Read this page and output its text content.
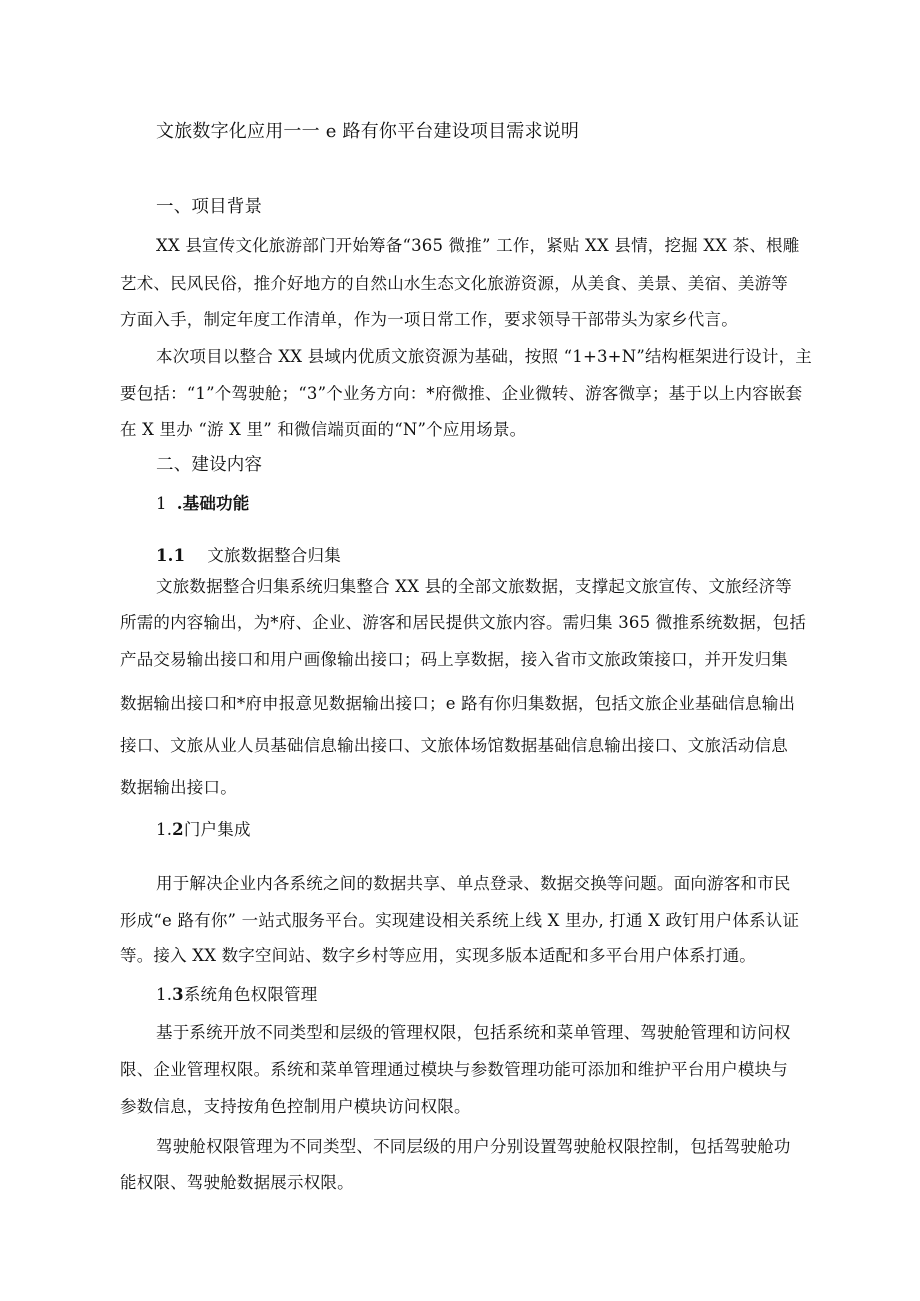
文旅数字化应用一一 e 路有你平台建设项目需求说明
一、项目背景
XX 县宣传文化旅游部门开始筹备“365 微推” 工作，紧贴 XX 县情，挖掘 XX 茶、根雕
艺术、民风民俗，推介好地方的自然山水生态文化旅游资源，从美食、美景、美宿、美游等
方面入手，制定年度工作清单，作为一项日常工作，要求领导干部带头为家乡代言。
本次项目以整合 XX 县域内优质文旅资源为基础，按照 “1+3+N”结构框架进行设计，主
要包括：“1”个驾驶舱；“3”个业务方向：*府微推、企业微转、游客微享；基于以上内容嵌套
在 X 里办 “游 X 里” 和微信端页面的“N”个应用场景。
二、建设内容
1 .基础功能
1.1 文旅数据整合归集
文旅数据整合归集系统归集整合 XX 县的全部文旅数据，支撑起文旅宣传、文旅经济等
所需的内容输出，为*府、企业、游客和居民提供文旅内容。需归集 365 微推系统数据，包括
产品交易输出接口和用户画像输出接口；码上享数据，接入省市文旅政策接口，并开发归集
数据输出接口和*府申报意见数据输出接口；e 路有你归集数据，包括文旅企业基础信息输出
接口、文旅从业人员基础信息输出接口、文旅体场馆数据基础信息输出接口、文旅活动信息
数据输出接口。
1.2门户集成
用于解决企业内各系统之间的数据共享、单点登录、数据交换等问题。面向游客和市民
形成“e 路有你” 一站式服务平台。实现建设相关系统上线 X 里办, 打通 X 政钉用户体系认证
等。接入 XX 数字空间站、数字乡村等应用，实现多版本适配和多平台用户体系打通。
1.3系统角色权限管理
基于系统开放不同类型和层级的管理权限，包括系统和菜单管理、驾驶舱管理和访问权
限、企业管理权限。系统和菜单管理通过模块与参数管理功能可添加和维护平台用户模块与
参数信息，支持按角色控制用户模块访问权限。
驾驶舱权限管理为不同类型、不同层级的用户分别设置驾驶舱权限控制，包括驾驶舱功
能权限、驾驶舱数据展示权限。
